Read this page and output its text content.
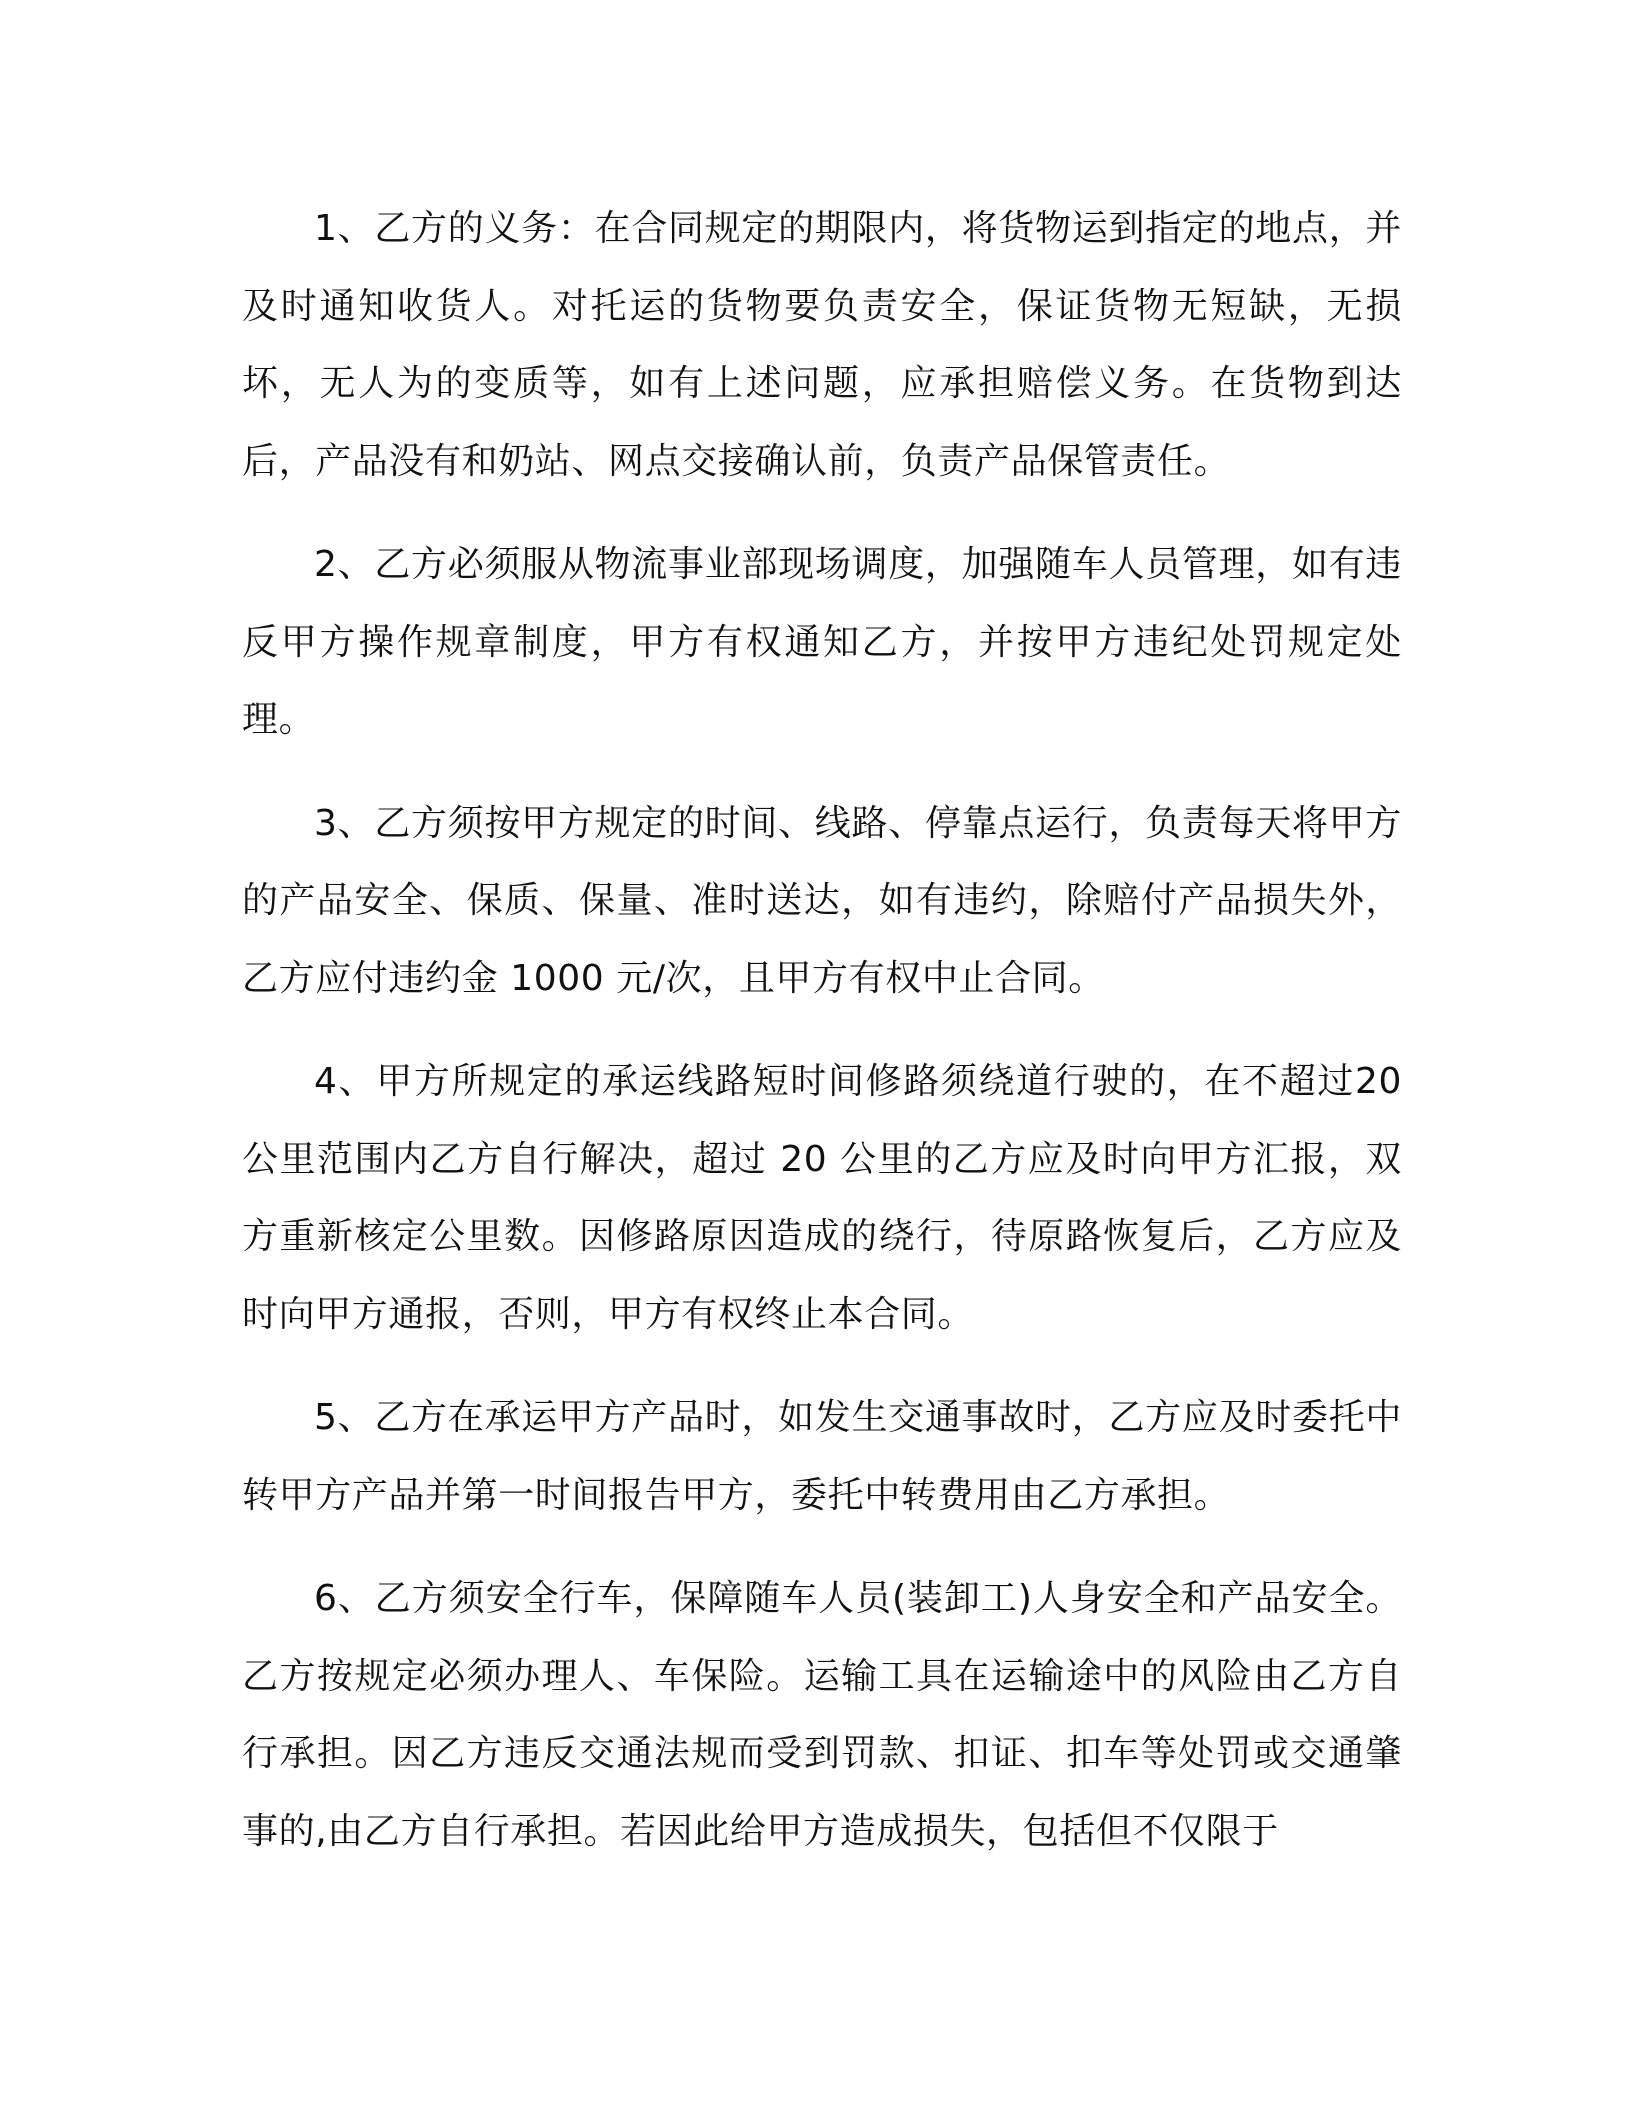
1、乙方的义务：在合同规定的期限内，将货物运到指定的地点，并及时通知收货人。对托运的货物要负责安全，保证货物无短缺，无损坏，无人为的变质等，如有上述问题，应承担赔偿义务。在货物到达后，产品没有和奶站、网点交接确认前，负责产品保管责任。

2、乙方必须服从物流事业部现场调度，加强随车人员管理，如有违反甲方操作规章制度，甲方有权通知乙方，并按甲方违纪处罚规定处理。

3、乙方须按甲方规定的时间、线路、停靠点运行，负责每天将甲方的产品安全、保质、保量、准时送达，如有违约，除赔付产品损失外，乙方应付违约金 1000 元/次，且甲方有权中止合同。

4、甲方所规定的承运线路短时间修路须绕道行驶的，在不超过20 公里范围内乙方自行解决，超过 20 公里的乙方应及时向甲方汇报，双方重新核定公里数。因修路原因造成的绕行，待原路恢复后，乙方应及时向甲方通报，否则，甲方有权终止本合同。

5、乙方在承运甲方产品时，如发生交通事故时，乙方应及时委托中转甲方产品并第一时间报告甲方，委托中转费用由乙方承担。

6、乙方须安全行车，保障随车人员(装卸工)人身安全和产品安全。乙方按规定必须办理人、车保险。运输工具在运输途中的风险由乙方自行承担。因乙方违反交通法规而受到罚款、扣证、扣车等处罚或交通肇事的,由乙方自行承担。若因此给甲方造成损失，包括但不仅限于
